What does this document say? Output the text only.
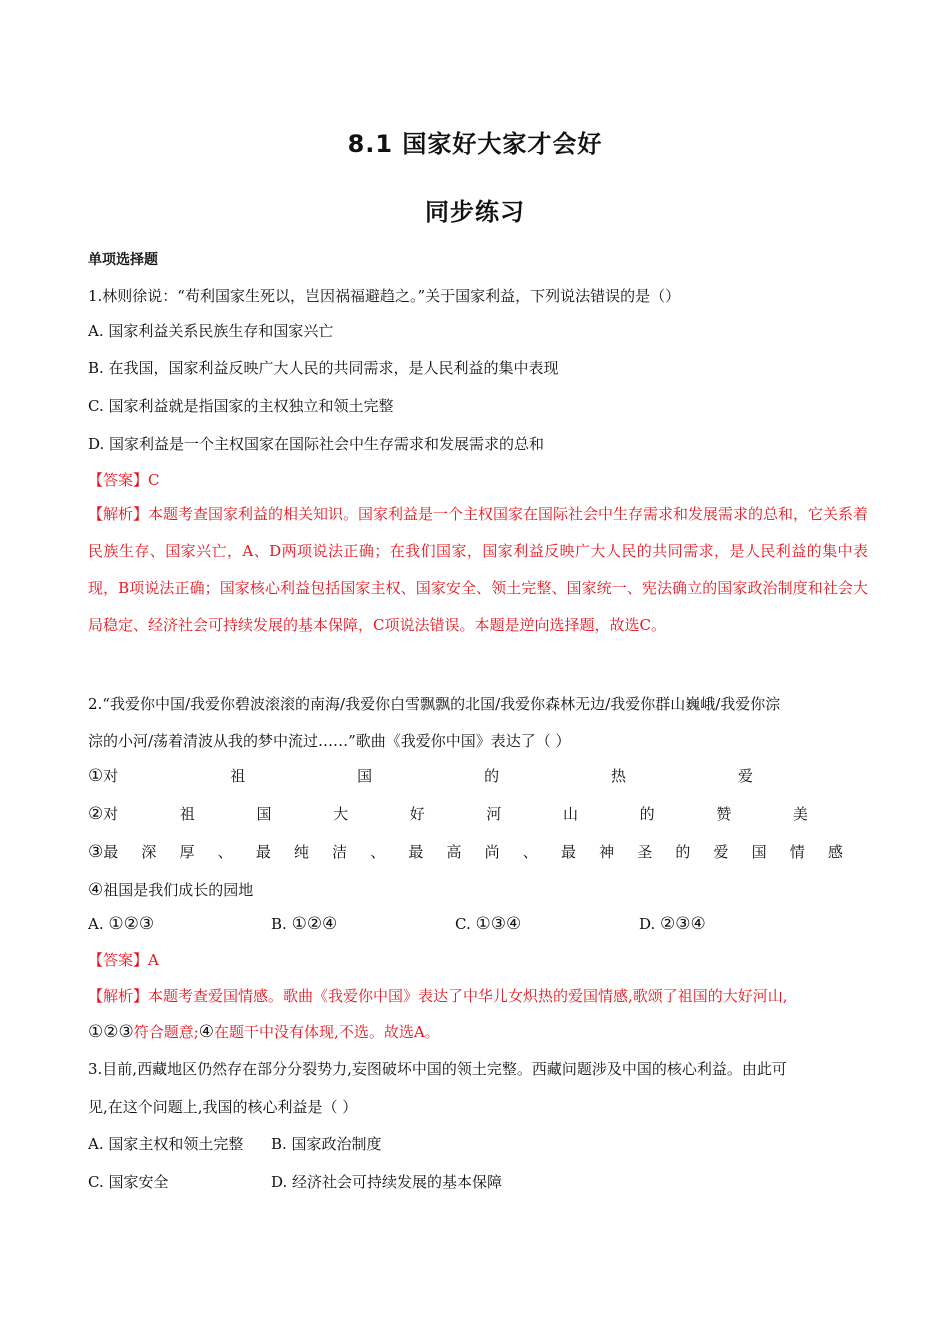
8.1 国家好大家才会好
同步练习
单项选择题
1.林则徐说：“苟利国家生死以，岂因祸福避趋之。”关于国家利益，下列说法错误的是（）
A. 国家利益关系民族生存和国家兴亡
B. 在我国，国家利益反映广大人民的共同需求，是人民利益的集中表现
C. 国家利益就是指国家的主权独立和领土完整
D. 国家利益是一个主权国家在国际社会中生存需求和发展需求的总和
【答案】C
【解析】本题考查国家利益的相关知识。国家利益是一个主权国家在国际社会中生存需求和发展需求的总和，它关系着民族生存、国家兴亡，A、D两项说法正确；在我们国家，国家利益反映广大人民的共同需求，是人民利益的集中表现，B项说法正确；国家核心利益包括国家主权、国家安全、领土完整、国家统一、宪法确立的国家政治制度和社会大局稳定、经济社会可持续发展的基本保障，C项说法错误。本题是逆向选择题，故选C。
2.“我爱你中国/我爱你碧波滚滚的南海/我爱你白雪飘飘的北国/我爱你森林无边/我爱你群山巍峨/我爱你淙
淙的小河/荡着清波从我的梦中流过‥‥‥”歌曲《我爱你中国》表达了（ ）
①对	祖	国	的	热	爱
②对	祖	国	大	好	河	山	的	赞	美
③最 深 厚 、 最 纯 洁 、 最 高 尚 、 最 神 圣 的 爱 国 情 感
④祖国是我们成长的园地
A. ①②③	B. ①②④	C. ①③④	D. ②③④
【答案】A
【解析】本题考查爱国情感。歌曲《我爱你中国》表达了中华儿女炽热的爱国情感,歌颂了祖国的大好河山,
①②③符合题意;④在题干中没有体现,不选。故选A。
3.目前,西藏地区仍然存在部分分裂势力,妄图破坏中国的领土完整。西藏问题涉及中国的核心利益。由此可
见,在这个问题上,我国的核心利益是（ ）
A. 国家主权和领土完整 B. 国家政治制度
C. 国家安全	D. 经济社会可持续发展的基本保障
